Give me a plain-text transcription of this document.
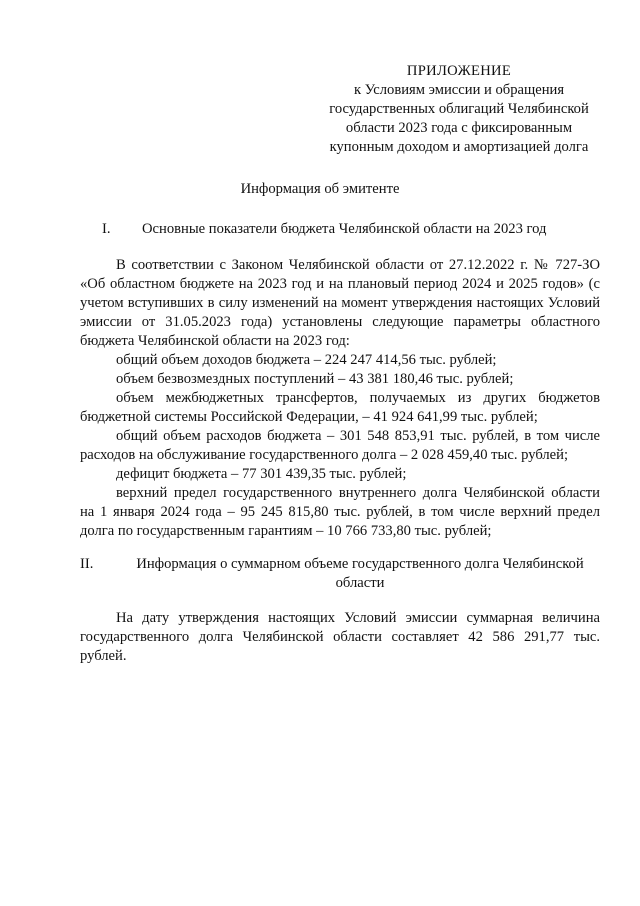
ПРИЛОЖЕНИЕ
к Условиям эмиссии и обращения
государственных облигаций Челябинской
области 2023 года с фиксированным
купонным доходом и амортизацией долга
Информация об эмитенте
I. Основные показатели бюджета Челябинской области на 2023 год

В соответствии с Законом Челябинской области от 27.12.2022 г. № 727-ЗО «Об областном бюджете на 2023 год и на плановый период 2024 и 2025 годов» (с учетом вступивших в силу изменений на момент утверждения настоящих Условий эмиссии от 31.05.2023 года) установлены следующие параметры областного бюджета Челябинской области на 2023 год:

общий объем доходов бюджета – 224 247 414,56 тыс. рублей;

объем безвозмездных поступлений – 43 381 180,46 тыс. рублей;

объем межбюджетных трансфертов, получаемых из других бюджетов бюджетной системы Российской Федерации, – 41 924 641,99 тыс. рублей;

общий объем расходов бюджета – 301 548 853,91 тыс. рублей, в том числе расходов на обслуживание государственного долга – 2 028 459,40 тыс. рублей;

дефицит бюджета – 77 301 439,35 тыс. рублей;

верхний предел государственного внутреннего долга Челябинской области на 1 января 2024 года – 95 245 815,80 тыс. рублей, в том числе верхний предел долга по государственным гарантиям – 10 766 733,80 тыс. рублей;

II.	Информация о суммарном объеме государственного долга Челябинской области

На дату утверждения настоящих Условий эмиссии суммарная величина государственного долга Челябинской области составляет 42 586 291,77 тыс. рублей.
